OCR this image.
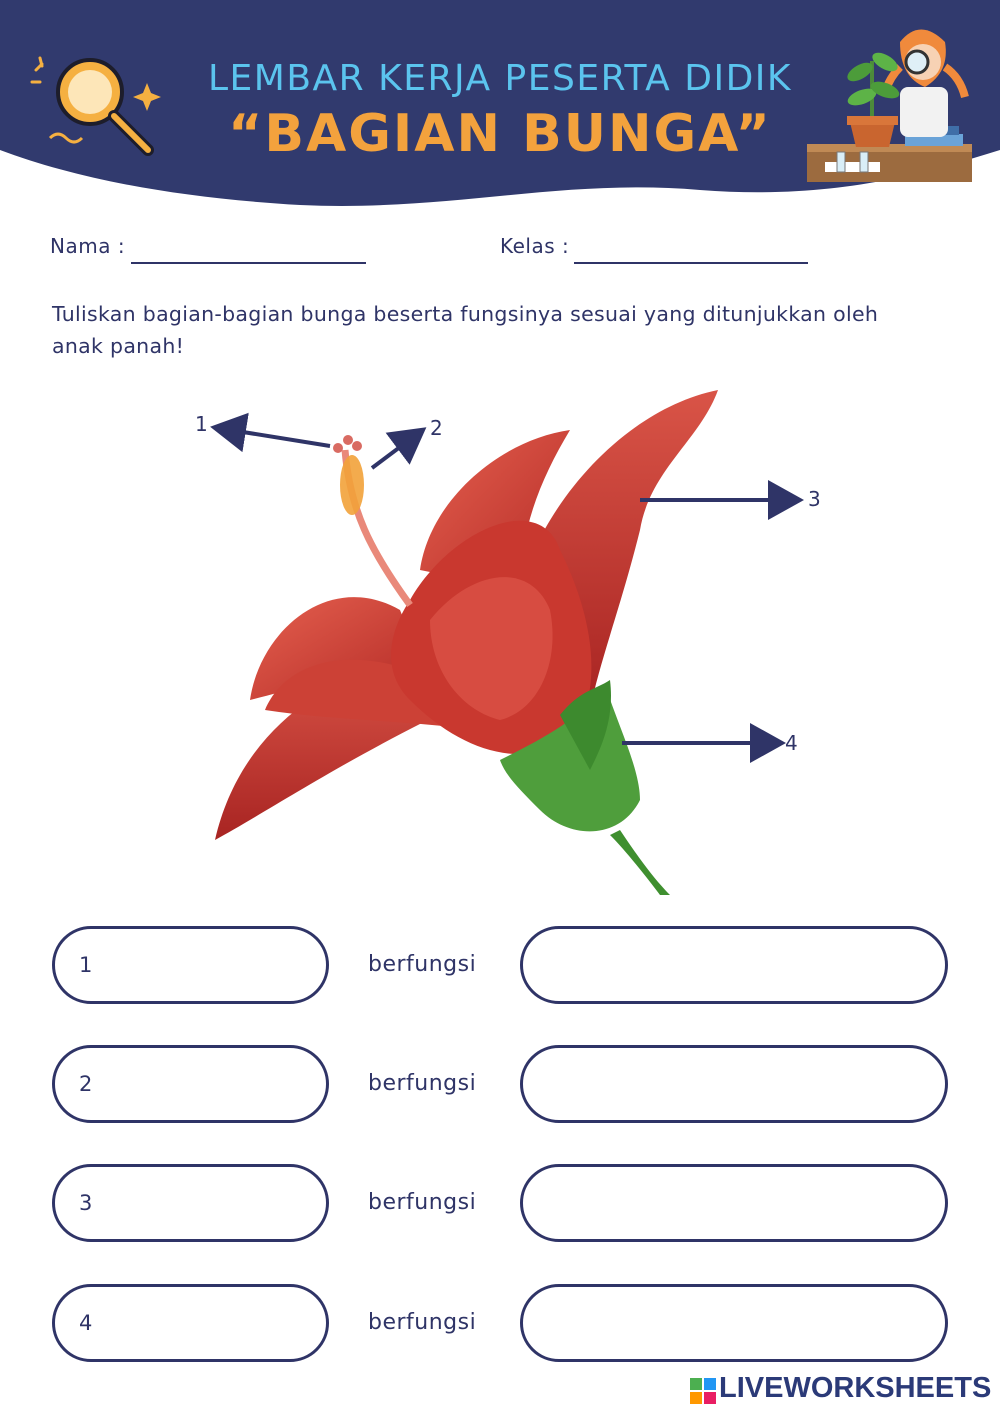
LEMBAR KERJA PESERTA DIDIK
“BAGIAN BUNGA”
Nama :	Kelas :
Tuliskan bagian-bagian bunga beserta fungsinya sesuai yang ditunjukkan oleh anak panah!
1	2
3
4
1	berfungsi
2	berfungsi
3	berfungsi
4	berfungsi
LIVEWORKSHEETS
